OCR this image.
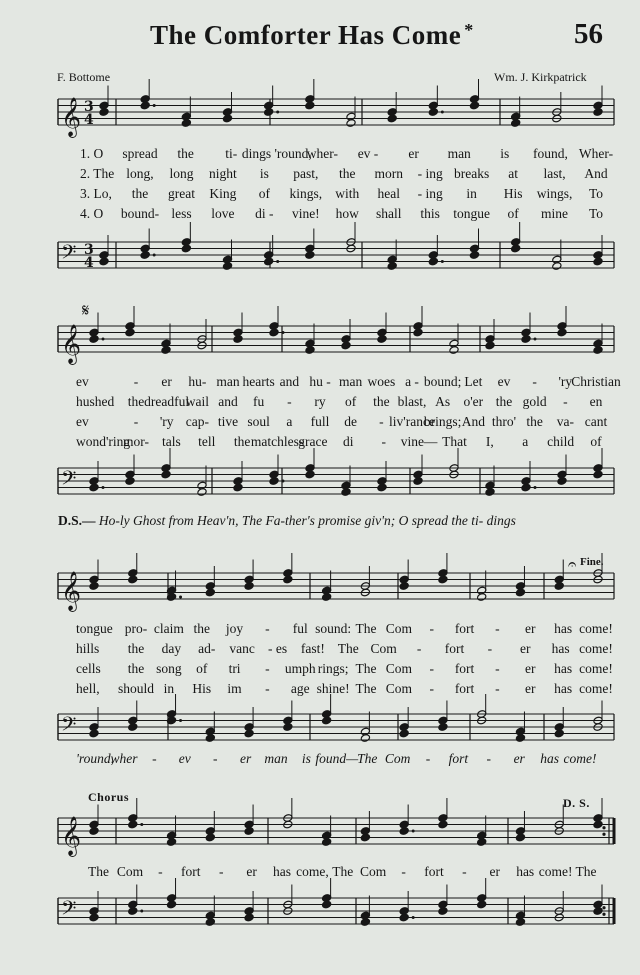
The Comforter Has Come *	56
F. Bottome	Wm. J. Kirkpatrick
𝄞 3
4
1. O spread the ti- dings 'round,
wher- ev - er man is found, Wher-
2. The long, long night is past, the morn - ing breaks at last, And
3. Lo, the great King of kings, with heal - ing in His wings, To
4. O bound- less love di - vine! how shall this tongue of mine To
𝄢 3
4
𝄞
𝄋
ev	- er hu- man hearts and hu - man woes a - bound; Let ev - 'ry Christian
hushed the dreadful
wail and fu - ry of the blast, As o'er the gold - en
ev	- 'ry cap- tive soul a full de - liv'rance
brings; And thro' the va- cant
wond'ring
mor- tals tell the matchless
grace di - vine— That I, a child of
𝄢
D.S.— Ho-ly Ghost from Heav'n, The Fa-ther's promise giv'n; O spread the ti- dings
𝄞
𝄐 Fine.
tongue pro- claim the joy - ful sound: The Com - fort - er has come!
hills the day ad- vanc - es fast! The Com - fort - er has come!
cells the song of tri - umph rings; The Com - fort - er has come!
hell, should in His im - age shine! The Com - fort - er has come!
𝄢
'round,
wher - ev - er man is found—
The Com - fort - er has come!
Chorus	D. S.
𝄞
The Com - fort - er has come, The Com - fort - er has come! The
𝄢
